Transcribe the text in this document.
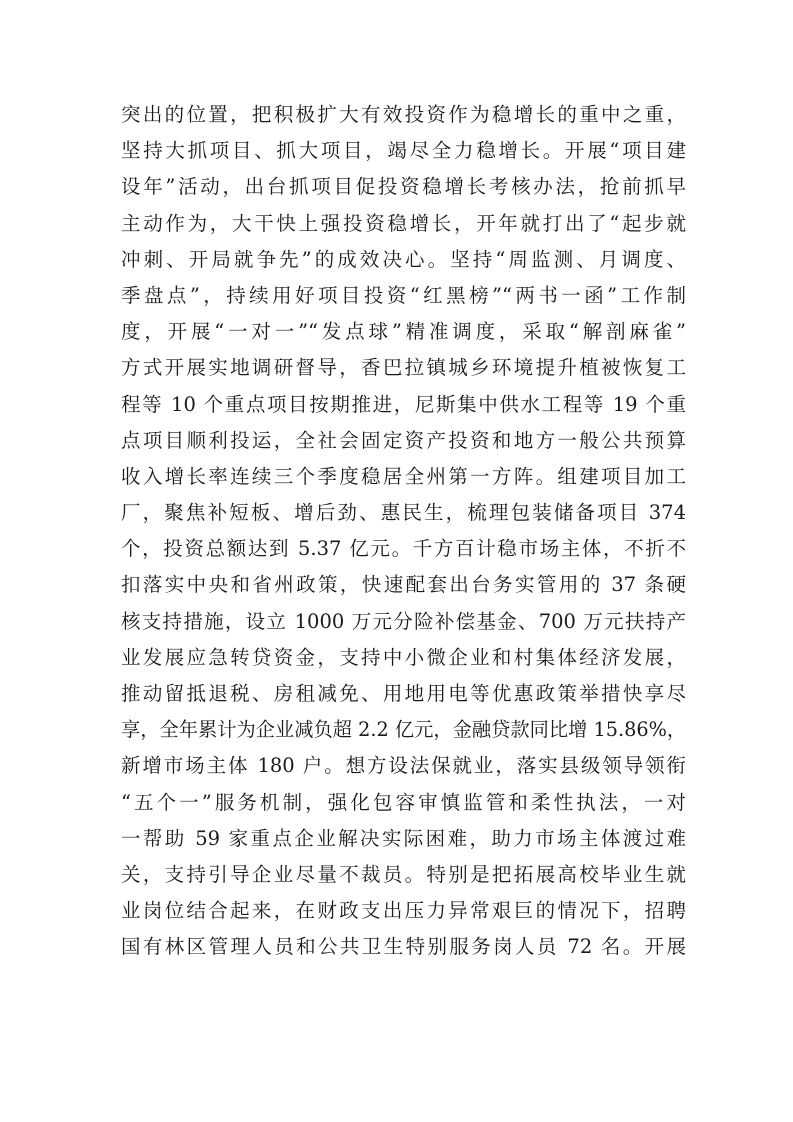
突出的位置，把积极扩大有效投资作为稳增长的重中之重，
坚持大抓项目、抓大项目，竭尽全力稳增长。开展“项目建
设年”活动，出台抓项目促投资稳增长考核办法，抢前抓早
主动作为，大干快上强投资稳增长，开年就打出了“起步就
冲刺、开局就争先”的成效决心。坚持“周监测、月调度、
季盘点”，持续用好项目投资“红黑榜”“两书一函”工作制
度，开展“一对一”“发点球”精准调度，采取“解剖麻雀”
方式开展实地调研督导，香巴拉镇城乡环境提升植被恢复工
程等 10 个重点项目按期推进，尼斯集中供水工程等 19 个重
点项目顺利投运，全社会固定资产投资和地方一般公共预算
收入增长率连续三个季度稳居全州第一方阵。组建项目加工
厂，聚焦补短板、增后劲、惠民生，梳理包装储备项目 374
个，投资总额达到 5.37 亿元。千方百计稳市场主体，不折不
扣落实中央和省州政策，快速配套出台务实管用的 37 条硬
核支持措施，设立 1000 万元分险补偿基金、700 万元扶持产
业发展应急转贷资金，支持中小微企业和村集体经济发展，
推动留抵退税、房租减免、用地用电等优惠政策举措快享尽
享，全年累计为企业减负超 2.2 亿元，金融贷款同比增 15.86%，
新增市场主体 180 户。想方设法保就业，落实县级领导领衔
“五个一”服务机制，强化包容审慎监管和柔性执法，一对
一帮助 59 家重点企业解决实际困难，助力市场主体渡过难
关，支持引导企业尽量不裁员。特别是把拓展高校毕业生就
业岗位结合起来，在财政支出压力异常艰巨的情况下，招聘
国有林区管理人员和公共卫生特别服务岗人员 72 名。开展
